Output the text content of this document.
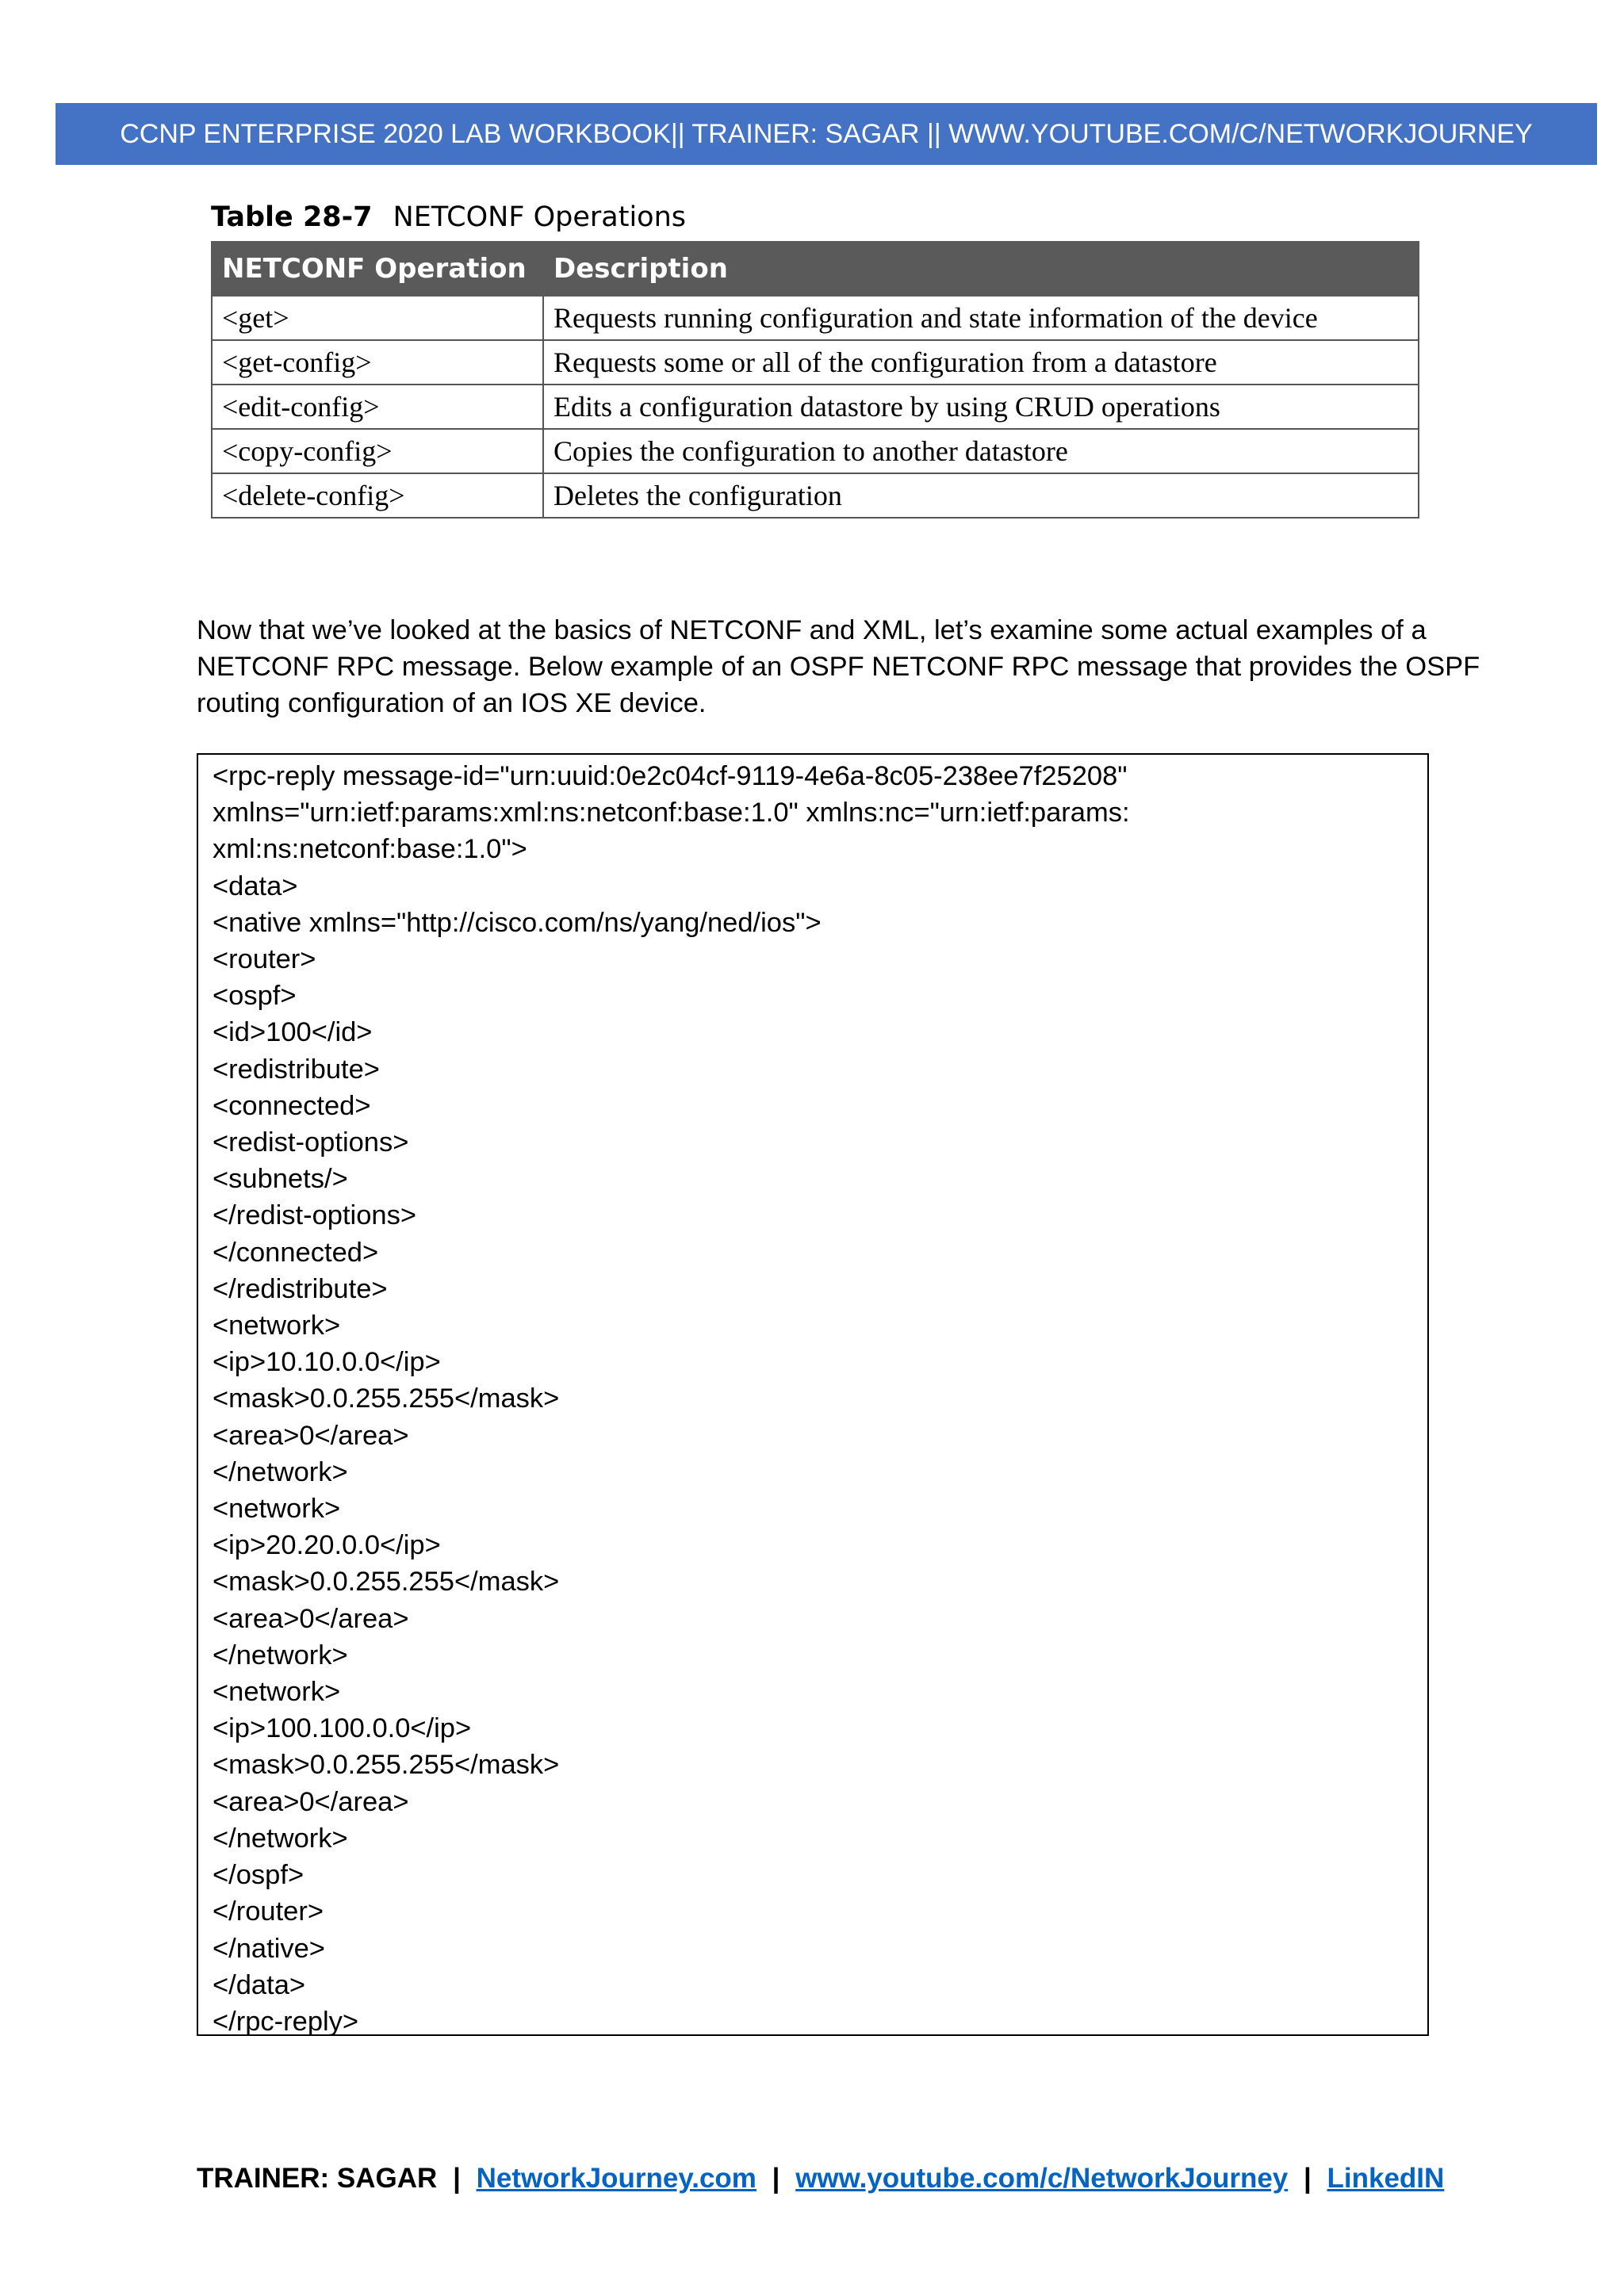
CCNP ENTERPRISE 2020 LAB WORKBOOK|| TRAINER: SAGAR || WWW.YOUTUBE.COM/C/NETWORKJOURNEY
Table 28-7 NETCONF Operations
NETCONF Operation	Description
<get>	Requests running configuration and state information of the device
<get-config>	Requests some or all of the configuration from a datastore
<edit-config>	Edits a configuration datastore by using CRUD operations
<copy-config>	Copies the configuration to another datastore
<delete-config>	Deletes the configuration

Now that we’ve looked at the basics of NETCONF and XML, let’s examine some actual examples of a

NETCONF RPC message. Below example of an OSPF NETCONF RPC message that provides the OSPF

routing configuration of an IOS XE device.

<rpc-reply message-id="urn:uuid:0e2c04cf-9119-4e6a-8c05-238ee7f25208"
xmlns="urn:ietf:params:xml:ns:netconf:base:1.0" xmlns:nc="urn:ietf:params:
xml:ns:netconf:base:1.0">
<data>
<native xmlns="http://cisco.com/ns/yang/ned/ios">
<router>
<ospf>
<id>100</id>
<redistribute>
<connected>
<redist-options>
<subnets/>
</redist-options>
</connected>
</redistribute>
<network>
<ip>10.10.0.0</ip>
<mask>0.0.255.255</mask>
<area>0</area>
</network>
<network>
<ip>20.20.0.0</ip>
<mask>0.0.255.255</mask>
<area>0</area>
</network>
<network>
<ip>100.100.0.0</ip>
<mask>0.0.255.255</mask>
<area>0</area>
</network>
</ospf>
</router>
</native>
</data>
</rpc-reply>
TRAINER: SAGAR | NetworkJourney.com | www.youtube.com/c/NetworkJourney | LinkedIN
